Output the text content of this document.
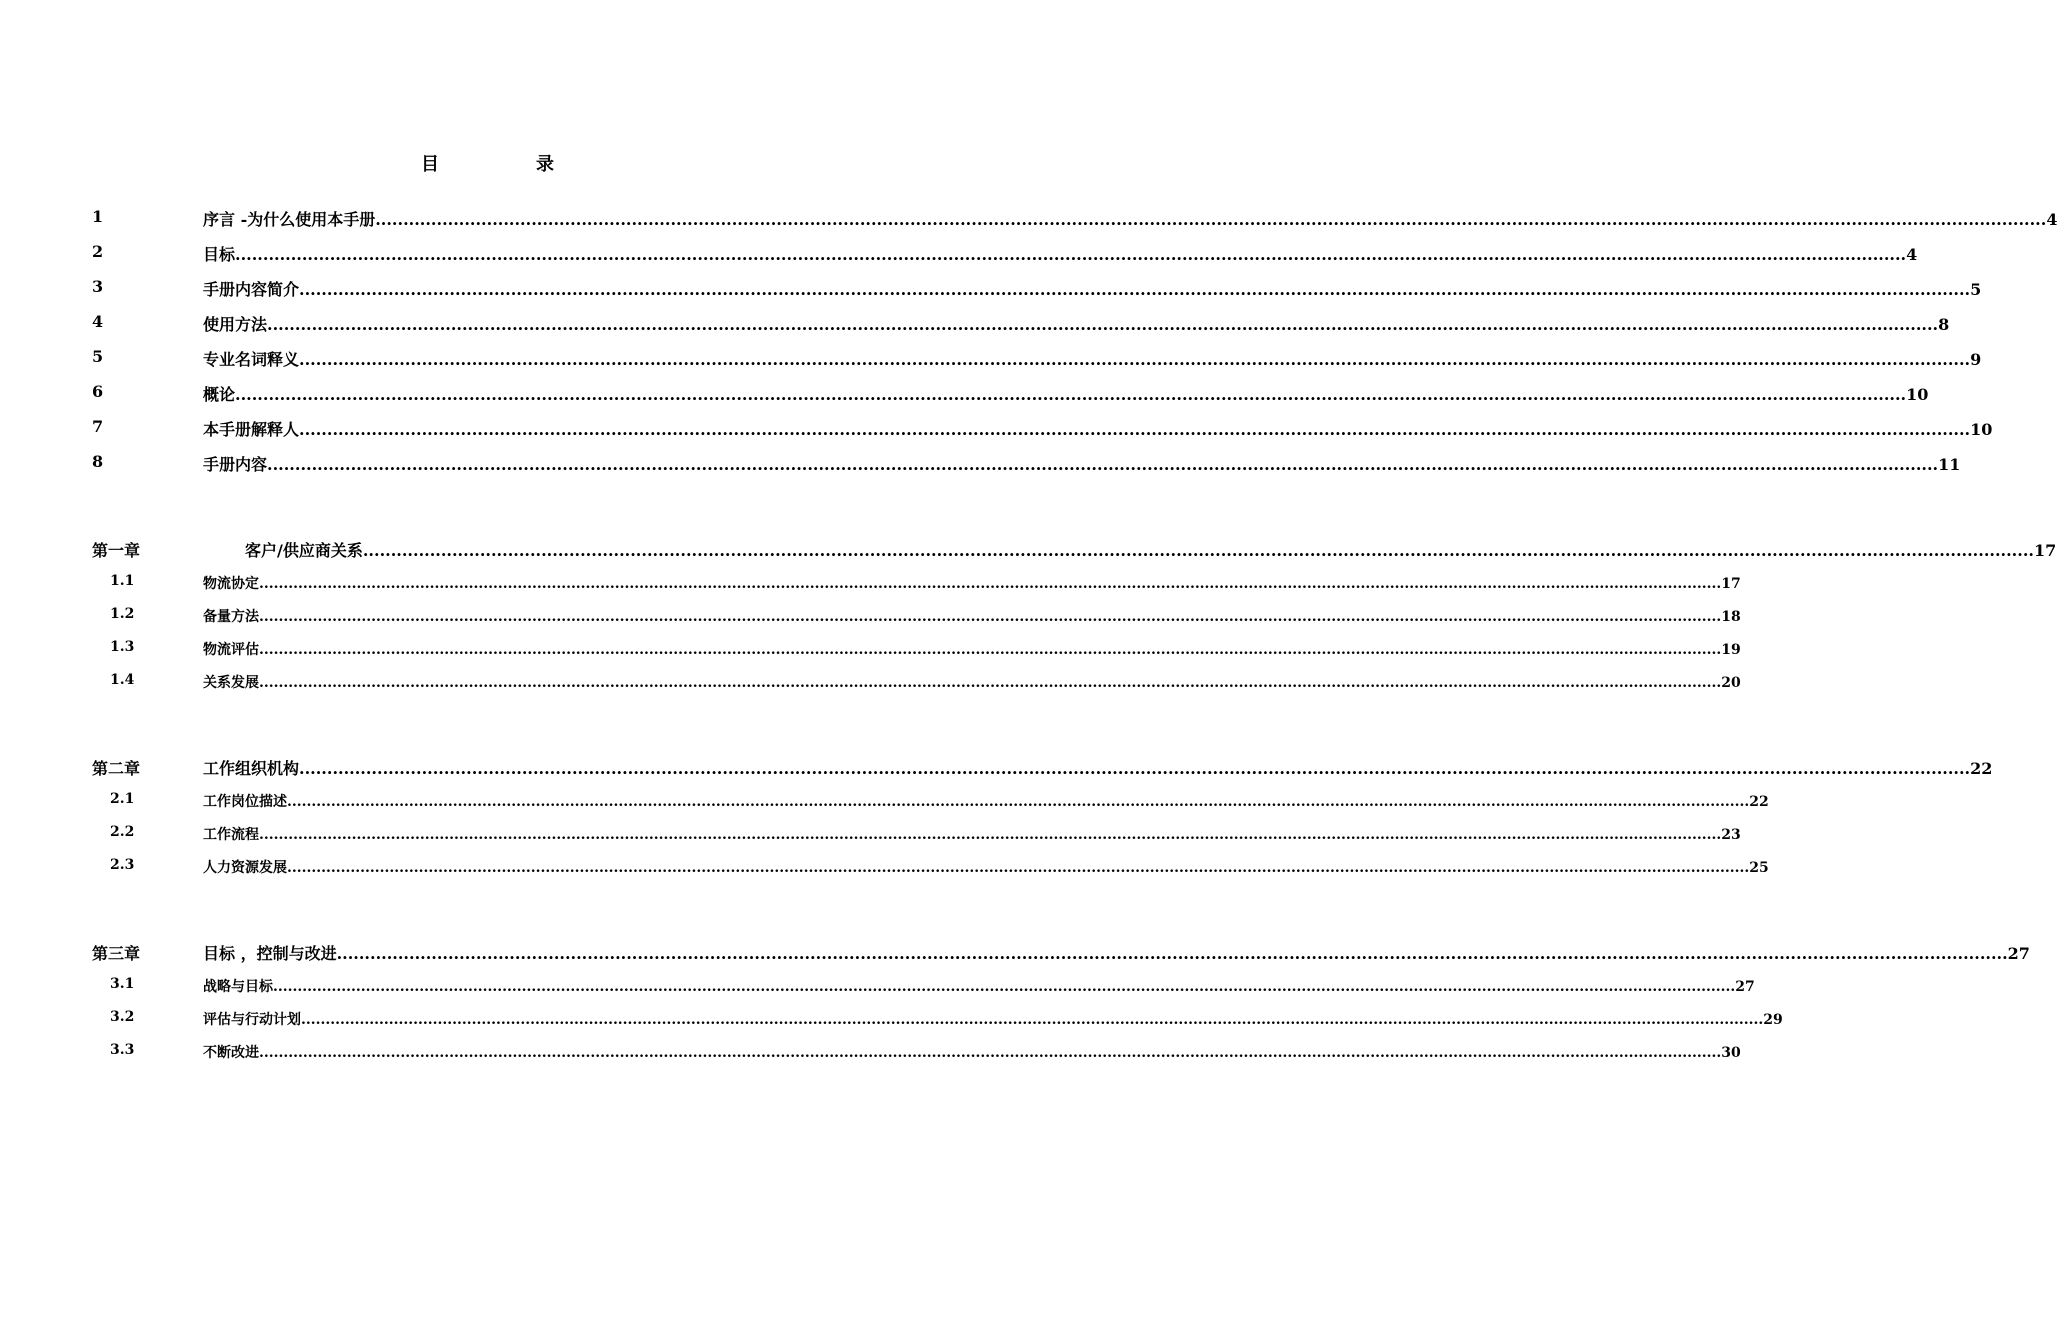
目	录
1	序言 -为什么使用本手册 ............................................................................................................................................................................................................................................................................................................ 4
2	目标 ............................................................................................................................................................................................................................................................................................................ 4
3	手册内容简介 ............................................................................................................................................................................................................................................................................................................ 5
4	使用方法 ............................................................................................................................................................................................................................................................................................................ 8
5	专业名词释义 ............................................................................................................................................................................................................................................................................................................ 9
6	概论 ............................................................................................................................................................................................................................................................................................................ 10
7	本手册解释人 ............................................................................................................................................................................................................................................................................................................ 10
8	手册内容 ............................................................................................................................................................................................................................................................................................................ 11
第一章	客户/供应商关系 ............................................................................................................................................................................................................................................................................................................ 17
1.1	物流协定 ............................................................................................................................................................................................................................................................................................................ 17
1.2	备量方法 ............................................................................................................................................................................................................................................................................................................ 18
1.3	物流评估 ............................................................................................................................................................................................................................................................................................................ 19
1.4	关系发展 ............................................................................................................................................................................................................................................................................................................ 20
第二章	工作组织机构 ............................................................................................................................................................................................................................................................................................................ 22
2.1	工作岗位描述 ............................................................................................................................................................................................................................................................................................................ 22
2.2	工作流程 ............................................................................................................................................................................................................................................................................................................ 23
2.3	人力资源发展 ............................................................................................................................................................................................................................................................................................................ 25
第三章	目标 ，控制与改进 ............................................................................................................................................................................................................................................................................................................ 27
3.1	战略与目标 ............................................................................................................................................................................................................................................................................................................ 27
3.2	评估与行动计划 ............................................................................................................................................................................................................................................................................................................ 29
3.3	不断改进 ............................................................................................................................................................................................................................................................................................................ 30
